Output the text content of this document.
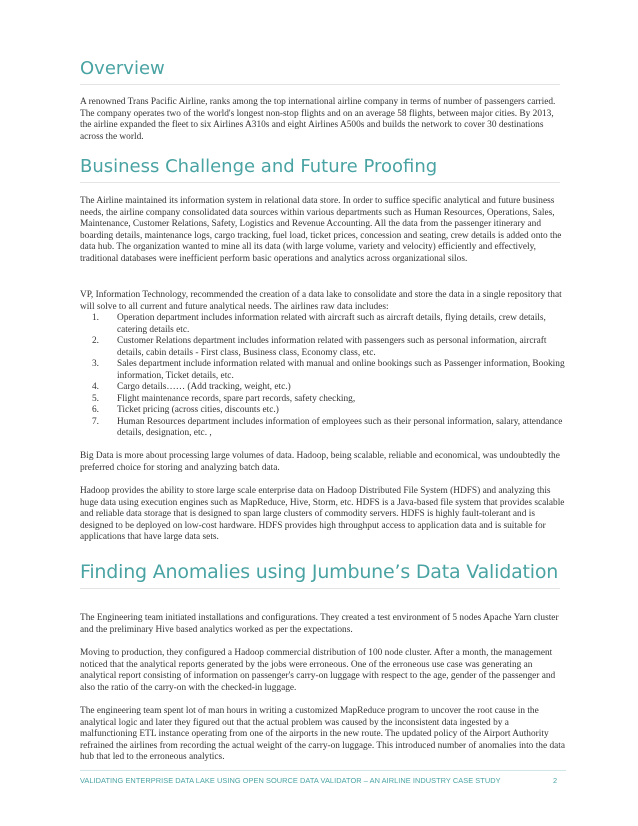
Overview

A renowned Trans Pacific Airline, ranks among the top international airline company in terms of number of passengers carried. The company operates two of the world's longest non-stop flights and on an average 58 flights, between major cities. By 2013, the airline expanded the fleet to six Airlines A310s and eight Airlines A500s and builds the network to cover 30 destinations across the world.

Business Challenge and Future Proofing

The Airline maintained its information system in relational data store. In order to suffice specific analytical and future business needs, the airline company consolidated data sources within various departments such as Human Resources, Operations, Sales, Maintenance, Customer Relations, Safety, Logistics and Revenue Accounting. All the data from the passenger itinerary and boarding details, maintenance logs, cargo tracking, fuel load, ticket prices, concession and seating, crew details is added onto the data hub. The organization wanted to mine all its data (with large volume, variety and velocity) efficiently and effectively, traditional databases were inefficient perform basic operations and analytics across organizational silos.

VP, Information Technology, recommended the creation of a data lake to consolidate and store the data in a single repository that will solve to all current and future analytical needs. The airlines raw data includes:

1. Operation department includes information related with aircraft such as aircraft details, flying details, crew details, catering details etc.
2. Customer Relations department includes information related with passengers such as personal information, aircraft details, cabin details - First class, Business class, Economy class, etc.
3. Sales department include information related with manual and online bookings such as Passenger information, Booking information, Ticket details, etc.
4. Cargo details…… (Add tracking, weight, etc.)
5. Flight maintenance records, spare part records, safety checking,
6. Ticket pricing (across cities, discounts etc.)
7. Human Resources department includes information of employees such as their personal information, salary, attendance details, designation, etc. ,

Big Data is more about processing large volumes of data. Hadoop, being scalable, reliable and economical, was undoubtedly the preferred choice for storing and analyzing batch data.

Hadoop provides the ability to store large scale enterprise data on Hadoop Distributed File System (HDFS) and analyzing this huge data using execution engines such as MapReduce, Hive, Storm, etc. HDFS is a Java-based file system that provides scalable and reliable data storage that is designed to span large clusters of commodity servers. HDFS is highly fault-tolerant and is designed to be deployed on low-cost hardware. HDFS provides high throughput access to application data and is suitable for applications that have large data sets.

Finding Anomalies using Jumbune’s Data Validation

The Engineering team initiated installations and configurations. They created a test environment of 5 nodes Apache Yarn cluster and the preliminary Hive based analytics worked as per the expectations.

Moving to production, they configured a Hadoop commercial distribution of 100 node cluster. After a month, the management noticed that the analytical reports generated by the jobs were erroneous. One of the erroneous use case was generating an analytical report consisting of information on passenger's carry-on luggage with respect to the age, gender of the passenger and also the ratio of the carry-on with the checked-in luggage.

The engineering team spent lot of man hours in writing a customized MapReduce program to uncover the root cause in the analytical logic and later they figured out that the actual problem was caused by the inconsistent data ingested by a malfunctioning ETL instance operating from one of the airports in the new route. The updated policy of the Airport Authority refrained the airlines from recording the actual weight of the carry-on luggage. This introduced number of anomalies into the data hub that led to the erroneous analytics.

VALIDATING ENTERPRISE DATA LAKE USING OPEN SOURCE DATA VALIDATOR – AN AIRLINE INDUSTRY CASE STUDY	2
